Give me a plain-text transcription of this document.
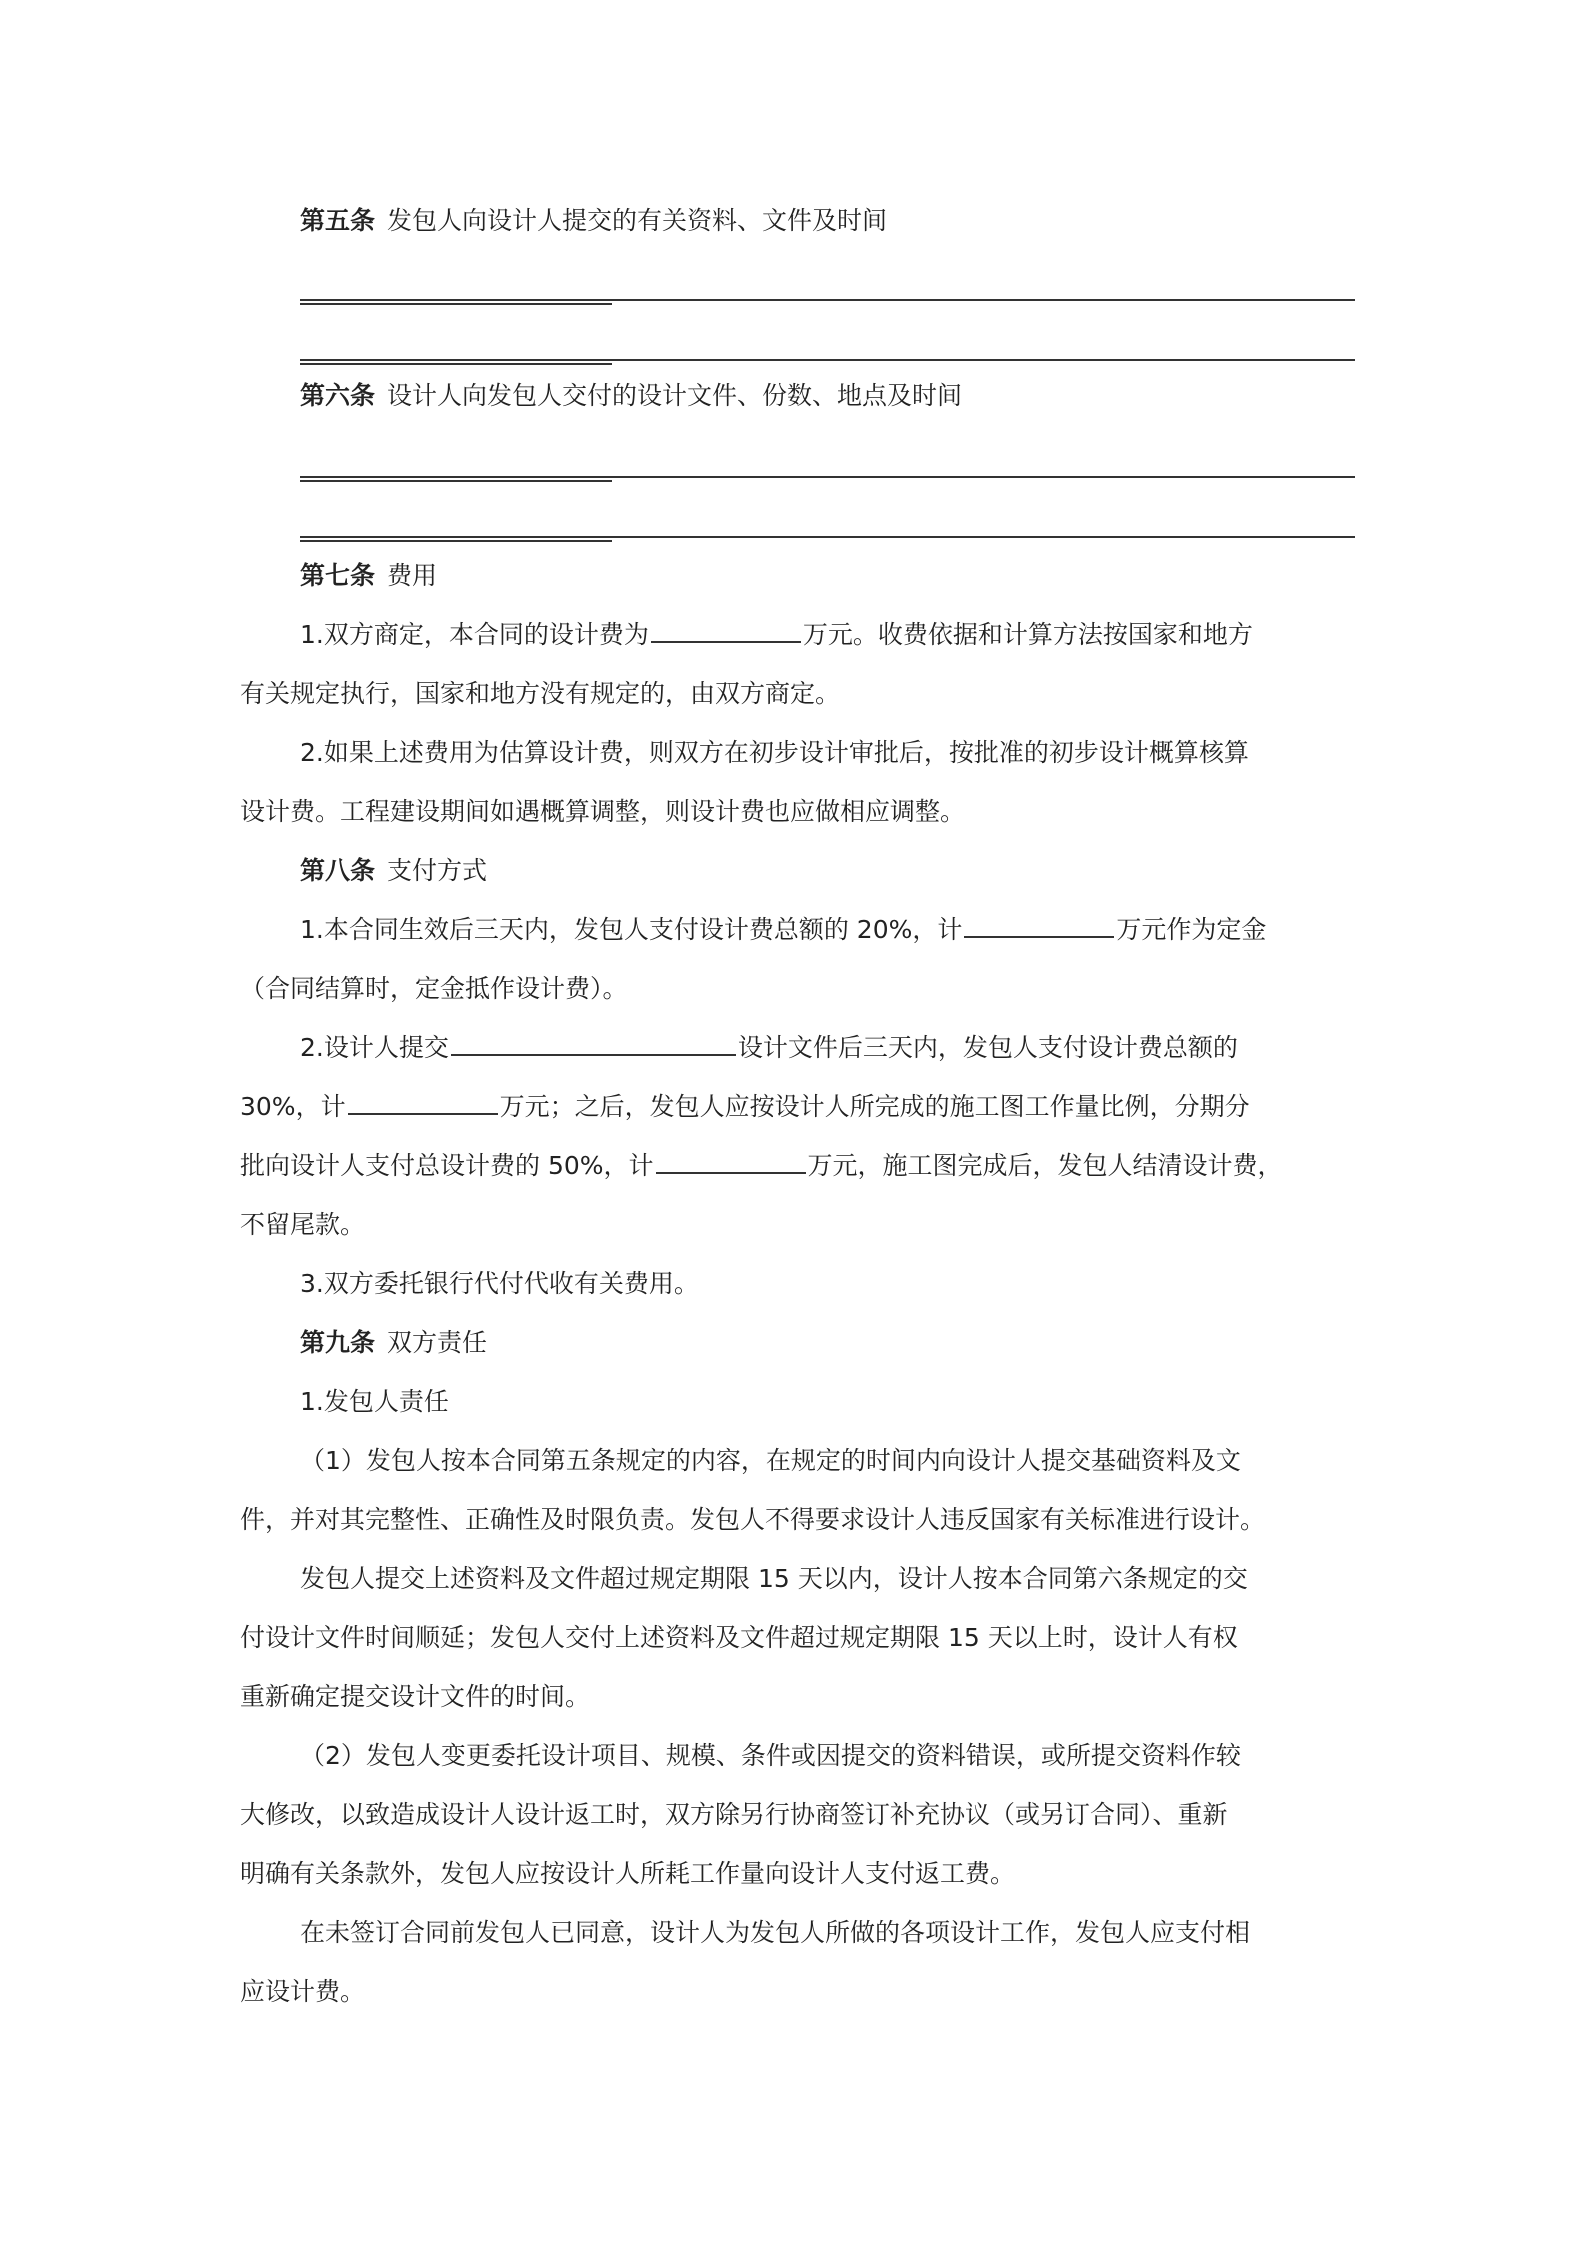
第五条 发包人向设计人提交的有关资料、文件及时间
第六条 设计人向发包人交付的设计文件、份数、地点及时间
第七条 费用
1.双方商定，本合同的设计费为	万元。收费依据和计算方法按国家和地方
有关规定执行，国家和地方没有规定的，由双方商定。
2.如果上述费用为估算设计费，则双方在初步设计审批后，按批准的初步设计概算核算
设计费。工程建设期间如遇概算调整，则设计费也应做相应调整。
第八条 支付方式
1.本合同生效后三天内，发包人支付设计费总额的 20%，计	万元作为定金
（合同结算时，定金抵作设计费）。
2.设计人提交	设计文件后三天内，发包人支付设计费总额的
30%，计	万元；之后，发包人应按设计人所完成的施工图工作量比例，分期分
批向设计人支付总设计费的 50%，计	万元，施工图完成后，发包人结清设计费，
不留尾款。
3.双方委托银行代付代收有关费用。
第九条 双方责任
1.发包人责任
（1）发包人按本合同第五条规定的内容，在规定的时间内向设计人提交基础资料及文
件，并对其完整性、正确性及时限负责。发包人不得要求设计人违反国家有关标准进行设计。
发包人提交上述资料及文件超过规定期限 15 天以内，设计人按本合同第六条规定的交
付设计文件时间顺延；发包人交付上述资料及文件超过规定期限 15 天以上时，设计人有权
重新确定提交设计文件的时间。
（2）发包人变更委托设计项目、规模、条件或因提交的资料错误，或所提交资料作较
大修改，以致造成设计人设计返工时，双方除另行协商签订补充协议（或另订合同）、重新
明确有关条款外，发包人应按设计人所耗工作量向设计人支付返工费。
在未签订合同前发包人已同意，设计人为发包人所做的各项设计工作，发包人应支付相
应设计费。
